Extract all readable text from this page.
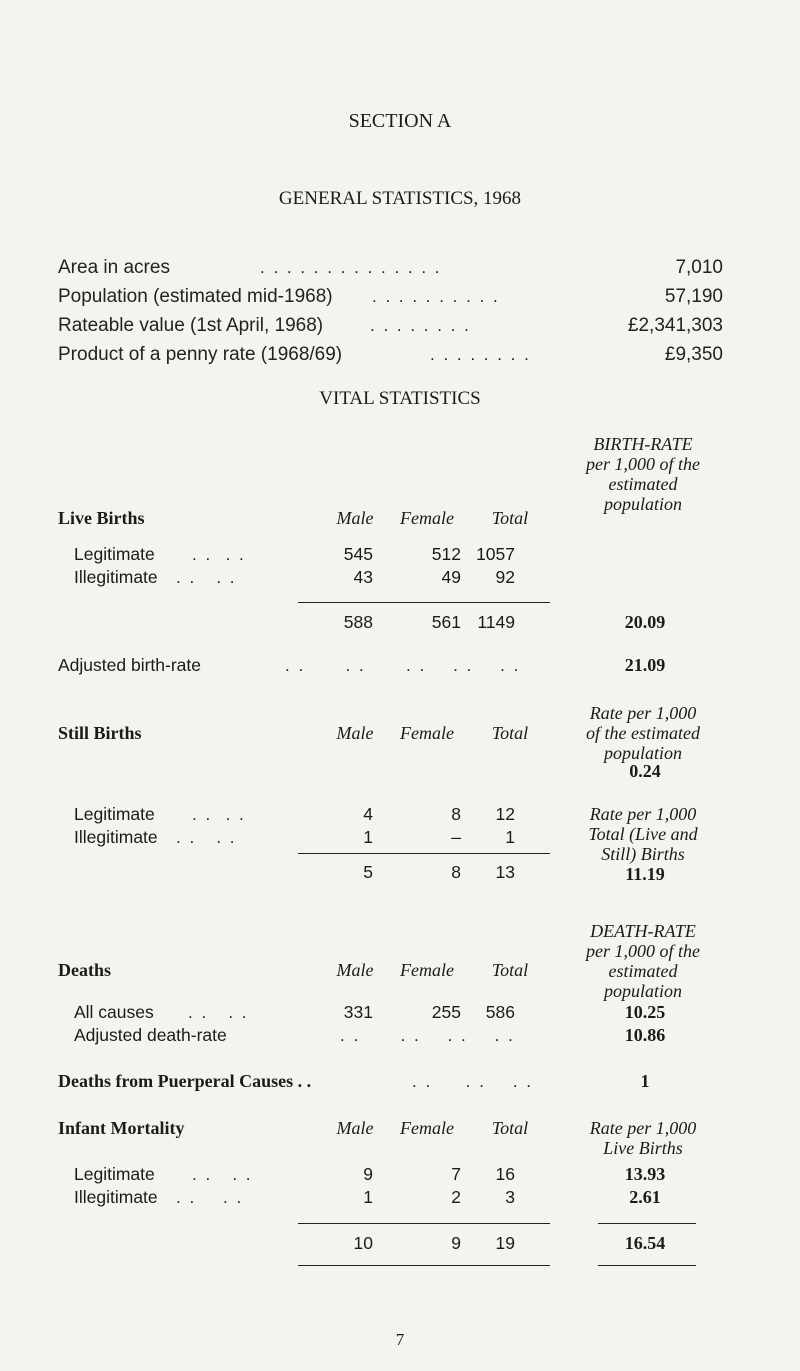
SECTION A
GENERAL STATISTICS, 1968
Area in acres	. . . . . . . . . . . . . .	7,010
Population (estimated mid-1968) . . . . . . . . . .	57,190
Rateable value (1st April, 1968)	. . . . . . . .	£2,341,303
Product of a penny rate (1968/69)	. . . . . . . .	£9,350
VITAL STATISTICS
BIRTH-RATE
per 1,000 of the
estimated
population
Live Births	Male	Female	Total
Legitimate . .  . .	545	512 1057
Illegitimate . .   . .	43	49 92
588	561 1149	20.09
Adjusted birth-rate	. .      . .      . .    . .    . .	21.09
Rate per 1,000
of the estimated
population
Still Births	Male	Female	Total
0.24
Legitimate . .  . .	4	8 12
Illegitimate . .   . .	1	–	1
Rate per 1,000
Total (Live and
Still) Births
5	8 13	11.19
DEATH-RATE
per 1,000 of the
estimated
population
Deaths	Male	Female	Total
All causes . .   . .	331	255 586	10.25
Adjusted death-rate	. .      . .    . .    . .	10.86
Deaths from Puerperal Causes . .	. .     . .    . .	1
Infant Mortality	Male	Female	Total	Rate per 1,000
Live Births
Legitimate . .   . .	9	7 16	13.93
Illegitimate . .    . .	1	2	3	2.61
10	9 19	16.54
7
